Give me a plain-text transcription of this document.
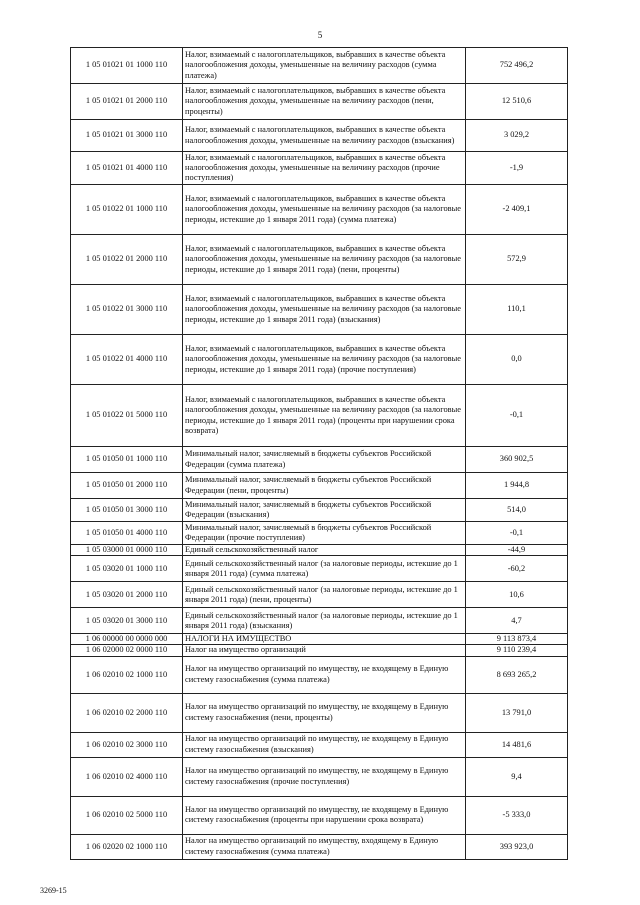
5
1 05 01021 01 1000 110	Налог, взимаемый с налогоплательщиков, выбравших в качестве объекта налогообложения доходы, уменьшенные на величину расходов (сумма платежа)	752 496,2
1 05 01021 01 2000 110	Налог, взимаемый с налогоплательщиков, выбравших в качестве объекта налогообложения доходы, уменьшенные на величину расходов (пени, проценты)	12 510,6
1 05 01021 01 3000 110	Налог, взимаемый с налогоплательщиков, выбравших в качестве объекта налогообложения доходы, уменьшенные на величину расходов (взыскания)	3 029,2
1 05 01021 01 4000 110	Налог, взимаемый с налогоплательщиков, выбравших в качестве объекта налогообложения доходы, уменьшенные на величину расходов (прочие поступления)	-1,9
1 05 01022 01 1000 110	Налог, взимаемый с налогоплательщиков, выбравших в качестве объекта налогообложения доходы, уменьшенные на величину расходов (за налоговые периоды, истекшие до 1 января 2011 года) (сумма платежа)	-2 409,1
1 05 01022 01 2000 110	Налог, взимаемый с налогоплательщиков, выбравших в качестве объекта налогообложения доходы, уменьшенные на величину расходов (за налоговые периоды, истекшие до 1 января 2011 года) (пени, проценты)	572,9
1 05 01022 01 3000 110	Налог, взимаемый с налогоплательщиков, выбравших в качестве объекта налогообложения доходы, уменьшенные на величину расходов (за налоговые периоды, истекшие до 1 января 2011 года) (взыскания)	110,1
1 05 01022 01 4000 110	Налог, взимаемый с налогоплательщиков, выбравших в качестве объекта налогообложения доходы, уменьшенные на величину расходов (за налоговые периоды, истекшие до 1 января 2011 года) (прочие поступления)	0,0
1 05 01022 01 5000 110	Налог, взимаемый с налогоплательщиков, выбравших в качестве объекта налогообложения доходы, уменьшенные на величину расходов (за налоговые периоды, истекшие до 1 января 2011 года) (проценты при нарушении срока возврата)	-0,1
1 05 01050 01 1000 110	Минимальный налог, зачисляемый в бюджеты субъектов Российской Федерации (сумма платежа)	360 902,5
1 05 01050 01 2000 110	Минимальный налог, зачисляемый в бюджеты субъектов Российской Федерации (пени, проценты)	1 944,8
1 05 01050 01 3000 110	Минимальный налог, зачисляемый в бюджеты субъектов Российской Федерации (взыскания)	514,0
1 05 01050 01 4000 110	Минимальный налог, зачисляемый в бюджеты субъектов Российской Федерации (прочие поступления)	-0,1
1 05 03000 01 0000 110	Единый сельскохозяйственный налог	-44,9
1 05 03020 01 1000 110	Единый сельскохозяйственный налог (за налоговые периоды, истекшие до 1 января 2011 года) (сумма платежа)	-60,2
1 05 03020 01 2000 110	Единый сельскохозяйственный налог (за налоговые периоды, истекшие до 1 января 2011 года) (пени, проценты)	10,6
1 05 03020 01 3000 110	Единый сельскохозяйственный налог (за налоговые периоды, истекшие до 1 января 2011 года) (взыскания)	4,7
1 06 00000 00 0000 000	НАЛОГИ НА ИМУЩЕСТВО	9 113 873,4
1 06 02000 02 0000 110	Налог на имущество организаций	9 110 239,4
1 06 02010 02 1000 110	Налог на имущество организаций по имуществу, не входящему в Единую систему газоснабжения (сумма платежа)	8 693 265,2
1 06 02010 02 2000 110	Налог на имущество организаций по имуществу, не входящему в Единую систему газоснабжения (пени, проценты)	13 791,0
1 06 02010 02 3000 110	Налог на имущество организаций по имуществу, не входящему в Единую систему газоснабжения (взыскания)	14 481,6
1 06 02010 02 4000 110	Налог на имущество организаций по имуществу, не входящему в Единую систему газоснабжения (прочие поступления)	9,4
1 06 02010 02 5000 110	Налог на имущество организаций по имуществу, не входящему в Единую систему газоснабжения (проценты при нарушении срока возврата)	-5 333,0
1 06 02020 02 1000 110	Налог на имущество организаций по имуществу, входящему в Единую систему газоснабжения (сумма платежа)	393 923,0
3269-15
